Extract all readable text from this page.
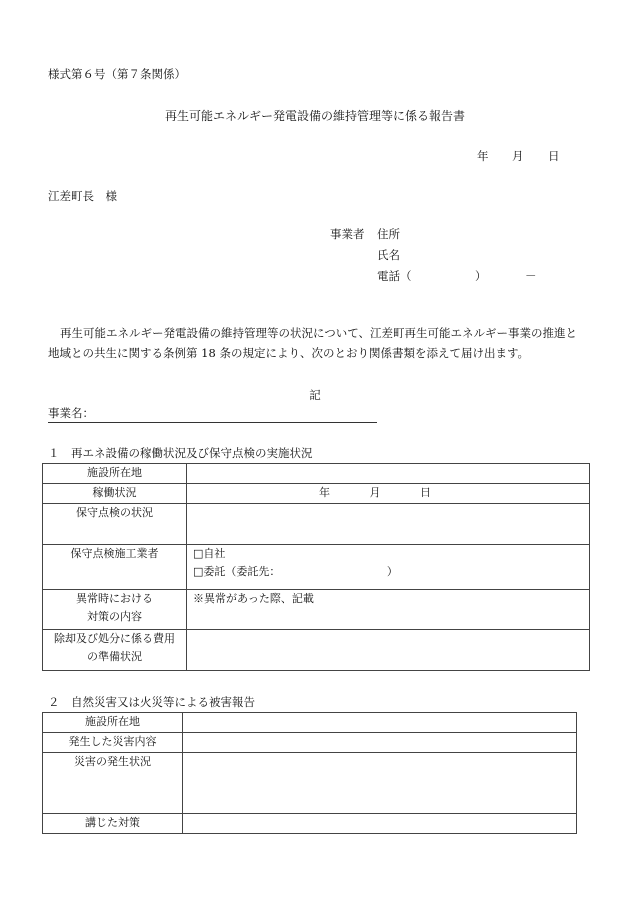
様式第６号（第７条関係）
再生可能エネルギー発電設備の維持管理等に係る報告書
年 月 日
江差町長　様
事業者 住所
氏名
電話（	）	－
再生可能エネルギー発電設備の維持管理等の状況について、江差町再生可能エネルギー事業の推進と地域との共生に関する条例第 18 条の規定により、次のとおり関係書類を添えて届け出ます。
記
事業名：
１　再エネ設備の稼働状況及び保守点検の実施状況
施設所在地	
稼働状況	年 月 日
保守点検の状況	
保守点検施工業者	□自社
□委託（委託先： ）

異常時における
対策の内容	※異常があった際、記載

除却及び処分に係る費用
の準備状況	

２　自然災害又は火災等による被害報告
施設所在地	
発生した災害内容	
災害の発生状況	
講じた対策	
